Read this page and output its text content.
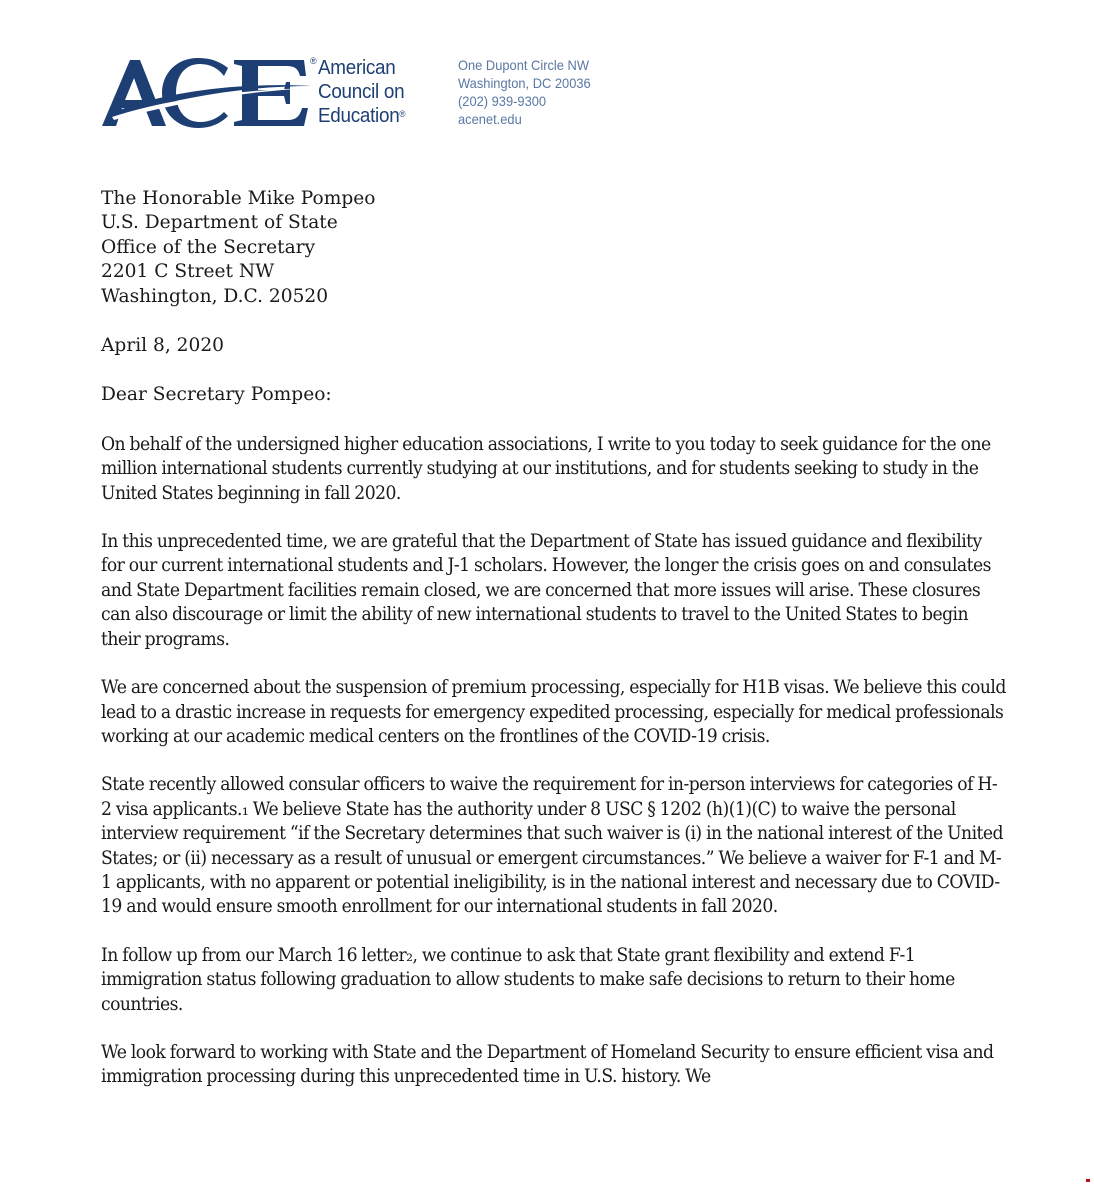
® American
Council on
Education®
One Dupont Circle NW
Washington, DC 20036
(202) 939-9300
acenet.edu

The Honorable Mike Pompeo

U.S. Department of State

Office of the Secretary

2201 C Street NW

Washington, D.C. 20520

April 8, 2020

Dear Secretary Pompeo:

On behalf of the undersigned higher education associations, I write to you today to seek guidance for the one million international students currently studying at our institutions, and for students seeking to study in the United States beginning in fall 2020.

In this unprecedented time, we are grateful that the Department of State has issued guidance and flexibility for our current international students and J-1 scholars. However, the longer the crisis goes on and consulates and State Department facilities remain closed, we are concerned that more issues will arise. These closures can also discourage or limit the ability of new international students to travel to the United States to begin their programs.

We are concerned about the suspension of premium processing, especially for H1B visas. We believe this could lead to a drastic increase in requests for emergency expedited processing, especially for medical professionals working at our academic medical centers on the frontlines of the COVID-19 crisis.

State recently allowed consular officers to waive the requirement for in-person interviews for categories of H-2 visa applicants.₁ We believe State has the authority under 8 USC § 1202 (h)(1)(C) to waive the personal interview requirement “if the Secretary determines that such waiver is (i) in the national interest of the United States; or (ii) necessary as a result of unusual or emergent circumstances.” We believe a waiver for F-1 and M-1 applicants, with no apparent or potential ineligibility, is in the national interest and necessary due to COVID-19 and would ensure smooth enrollment for our international students in fall 2020.

In follow up from our March 16 letter₂, we continue to ask that State grant flexibility and extend F-1 immigration status following graduation to allow students to make safe decisions to return to their home countries.

We look forward to working with State and the Department of Homeland Security to ensure efficient visa and immigration processing during this unprecedented time in U.S. history. We
